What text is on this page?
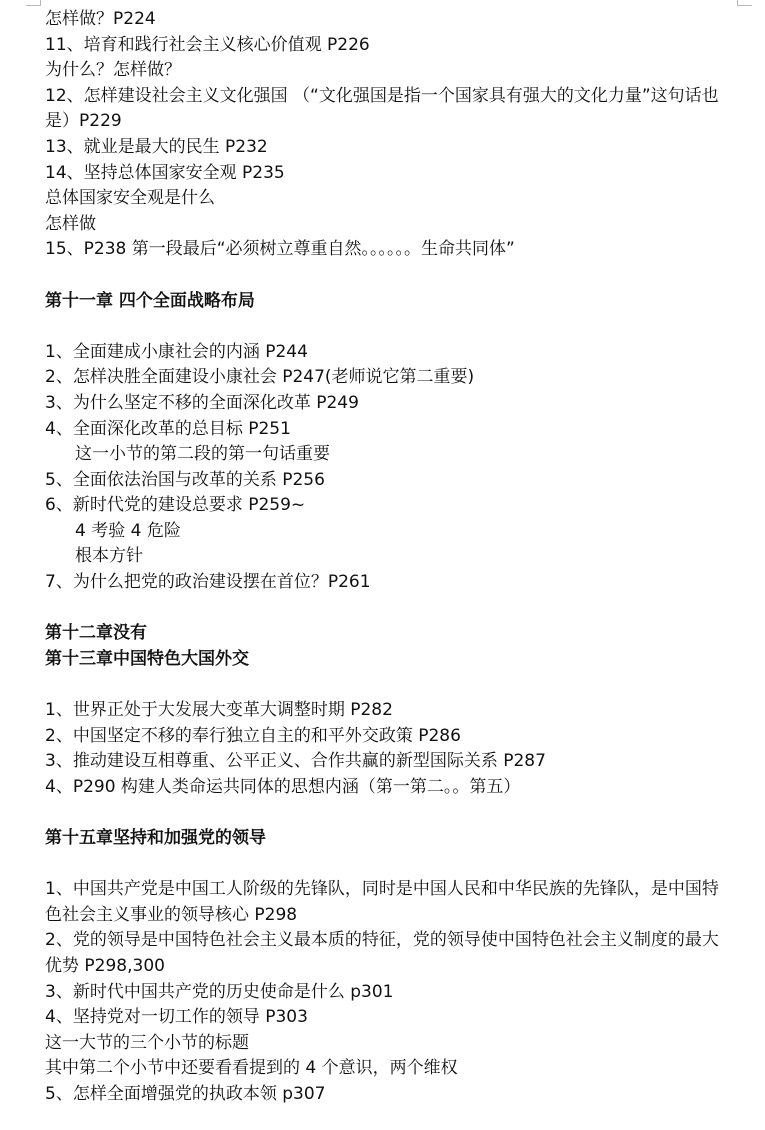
怎样做？P224
11、培育和践行社会主义核心价值观 P226
为什么？怎样做？
12、怎样建设社会主义文化强国 （“文化强国是指一个国家具有强大的文化力量”这句话也是）P229
13、就业是最大的民生 P232
14、坚持总体国家安全观 P235
总体国家安全观是什么
怎样做
15、P238 第一段最后“必须树立尊重自然。。。。。。生命共同体”
第十一章 四个全面战略布局
1、全面建成小康社会的内涵 P244
2、怎样决胜全面建设小康社会 P247(老师说它第二重要)
3、为什么坚定不移的全面深化改革 P249
4、全面深化改革的总目标 P251
这一小节的第二段的第一句话重要
5、全面依法治国与改革的关系 P256
6、新时代党的建设总要求 P259~
4 考验 4 危险
根本方针
7、为什么把党的政治建设摆在首位？P261
第十二章没有
第十三章中国特色大国外交
1、世界正处于大发展大变革大调整时期 P282
2、中国坚定不移的奉行独立自主的和平外交政策 P286
3、推动建设互相尊重、公平正义、合作共赢的新型国际关系 P287
4、P290 构建人类命运共同体的思想内涵（第一第二。。第五）
第十五章坚持和加强党的领导
1、中国共产党是中国工人阶级的先锋队，同时是中国人民和中华民族的先锋队，是中国特色社会主义事业的领导核心 P298
2、党的领导是中国特色社会主义最本质的特征，党的领导使中国特色社会主义制度的最大优势 P298,300
3、新时代中国共产党的历史使命是什么 p301
4、坚持党对一切工作的领导 P303
这一大节的三个小节的标题
其中第二个小节中还要看看提到的 4 个意识，两个维权
5、怎样全面增强党的执政本领 p307
